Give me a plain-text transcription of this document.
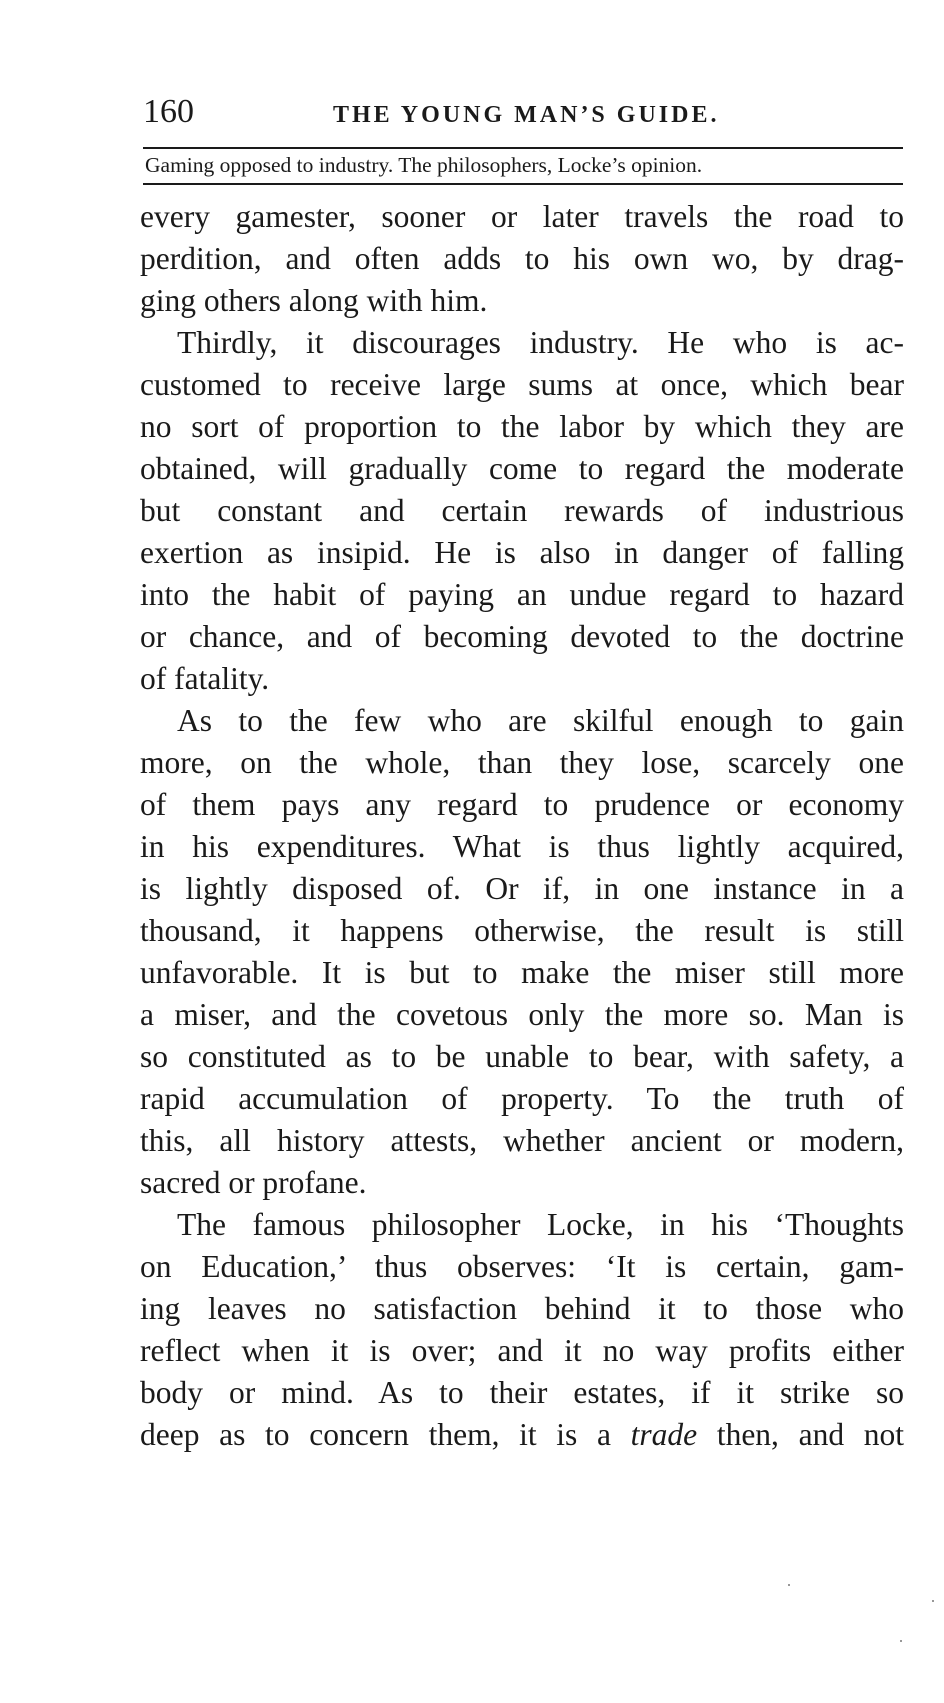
160	THE YOUNG MAN’S GUIDE.
Gaming opposed to industry. The philosophers, Locke’s opinion.
every gamester, sooner or later travels the road to
perdition, and often adds to his own wo, by drag-
ging others along with him.
Thirdly, it discourages industry. He who is ac-
customed to receive large sums at once, which bear
no sort of proportion to the labor by which they are
obtained, will gradually come to regard the moderate
but constant and certain rewards of industrious
exertion as insipid. He is also in danger of falling
into the habit of paying an undue regard to hazard
or chance, and of becoming devoted to the doctrine
of fatality.
As to the few who are skilful enough to gain
more, on the whole, than they lose, scarcely one
of them pays any regard to prudence or economy
in his expenditures. What is thus lightly acquired,
is lightly disposed of. Or if, in one instance in a
thousand, it happens otherwise, the result is still
unfavorable. It is but to make the miser still more
a miser, and the covetous only the more so. Man is
so constituted as to be unable to bear, with safety, a
rapid accumulation of property. To the truth of
this, all history attests, whether ancient or modern,
sacred or profane.
The famous philosopher Locke, in his ‘Thoughts
on Education,’ thus observes: ‘It is certain, gam-
ing leaves no satisfaction behind it to those who
reflect when it is over; and it no way profits either
body or mind. As to their estates, if it strike so
deep as to concern them, it is a trade then, and not
